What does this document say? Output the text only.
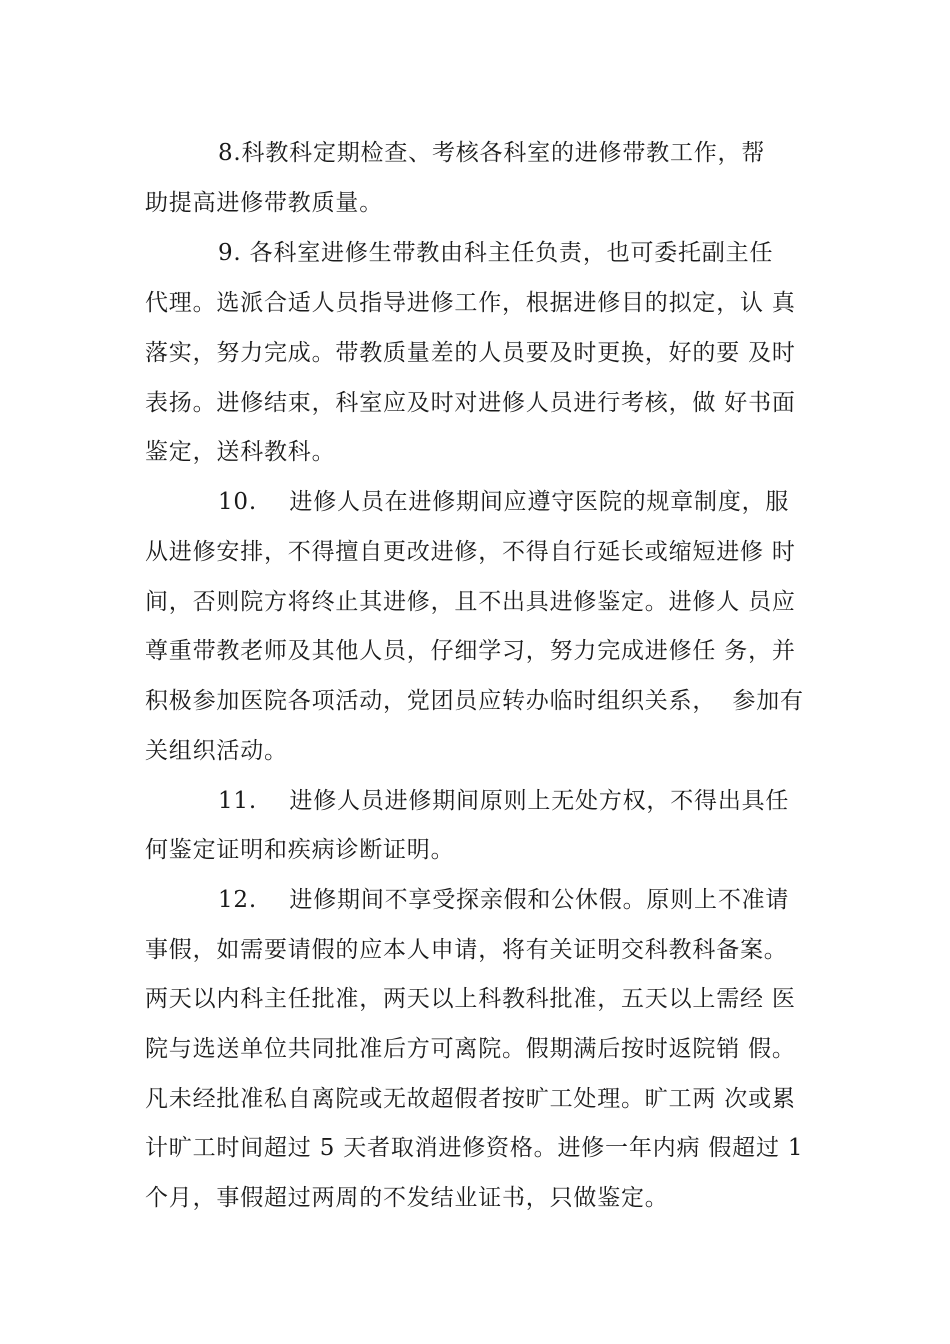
8.科教科定期检查、考核各科室的进修带教工作，帮
助提高进修带教质量。
9. 各科室进修生带教由科主任负责，也可委托副主任
代理。选派合适人员指导进修工作，根据进修目的拟定，认 真
落实，努力完成。带教质量差的人员要及时更换，好的要 及时
表扬。进修结束，科室应及时对进修人员进行考核，做 好书面
鉴定，送科教科。
10.    进修人员在进修期间应遵守医院的规章制度，服
从进修安排，不得擅自更改进修，不得自行延长或缩短进修 时
间，否则院方将终止其进修，且不出具进修鉴定。进修人 员应
尊重带教老师及其他人员，仔细学习，努力完成进修任 务，并
积极参加医院各项活动，党团员应转办临时组织关系，  参加有
关组织活动。
11.    进修人员进修期间原则上无处方权，不得出具任
何鉴定证明和疾病诊断证明。
12.    进修期间不享受探亲假和公休假。原则上不准请
事假，如需要请假的应本人申请，将有关证明交科教科备案。
两天以内科主任批准，两天以上科教科批准，五天以上需经 医
院与选送单位共同批准后方可离院。假期满后按时返院销 假。
凡未经批准私自离院或无故超假者按旷工处理。旷工两 次或累
计旷工时间超过 5 天者取消进修资格。进修一年内病 假超过 1
个月，事假超过两周的不发结业证书，只做鉴定。
